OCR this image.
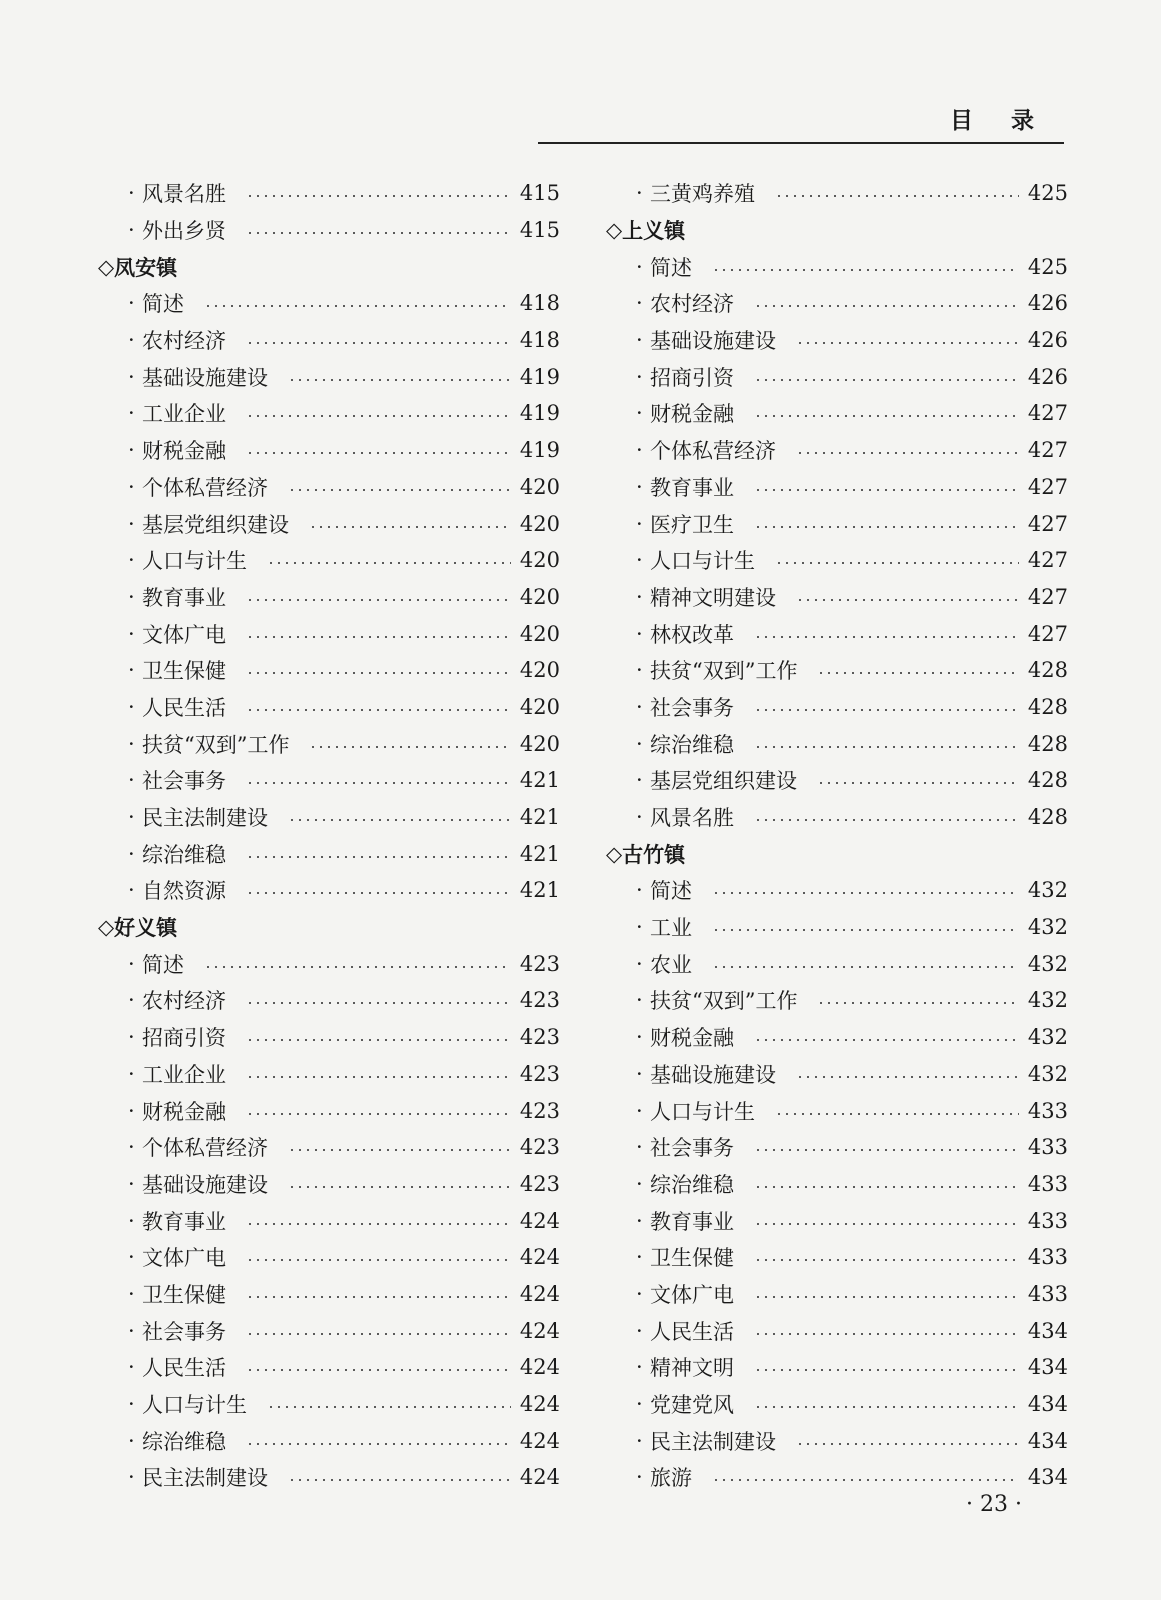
目录
· 风景名胜	415
· 外出乡贤	415
◇ 凤安镇
· 简述	418
· 农村经济	418
· 基础设施建设	419
· 工业企业	419
· 财税金融	419
· 个体私营经济	420
· 基层党组织建设	420
· 人口与计生	420
· 教育事业	420
· 文体广电	420
· 卫生保健	420
· 人民生活	420
· 扶贫“双到”工作	420
· 社会事务	421
· 民主法制建设	421
· 综治维稳	421
· 自然资源	421
◇ 好义镇
· 简述	423
· 农村经济	423
· 招商引资	423
· 工业企业	423
· 财税金融	423
· 个体私营经济	423
· 基础设施建设	423
· 教育事业	424
· 文体广电	424
· 卫生保健	424
· 社会事务	424
· 人民生活	424
· 人口与计生	424
· 综治维稳	424
· 民主法制建设	424
· 三黄鸡养殖	425
◇ 上义镇
· 简述	425
· 农村经济	426
· 基础设施建设	426
· 招商引资	426
· 财税金融	427
· 个体私营经济	427
· 教育事业	427
· 医疗卫生	427
· 人口与计生	427
· 精神文明建设	427
· 林权改革	427
· 扶贫“双到”工作	428
· 社会事务	428
· 综治维稳	428
· 基层党组织建设	428
· 风景名胜	428
◇ 古竹镇
· 简述	432
· 工业	432
· 农业	432
· 扶贫“双到”工作	432
· 财税金融	432
· 基础设施建设	432
· 人口与计生	433
· 社会事务	433
· 综治维稳	433
· 教育事业	433
· 卫生保健	433
· 文体广电	433
· 人民生活	434
· 精神文明	434
· 党建党风	434
· 民主法制建设	434
· 旅游	434
· 23 ·
